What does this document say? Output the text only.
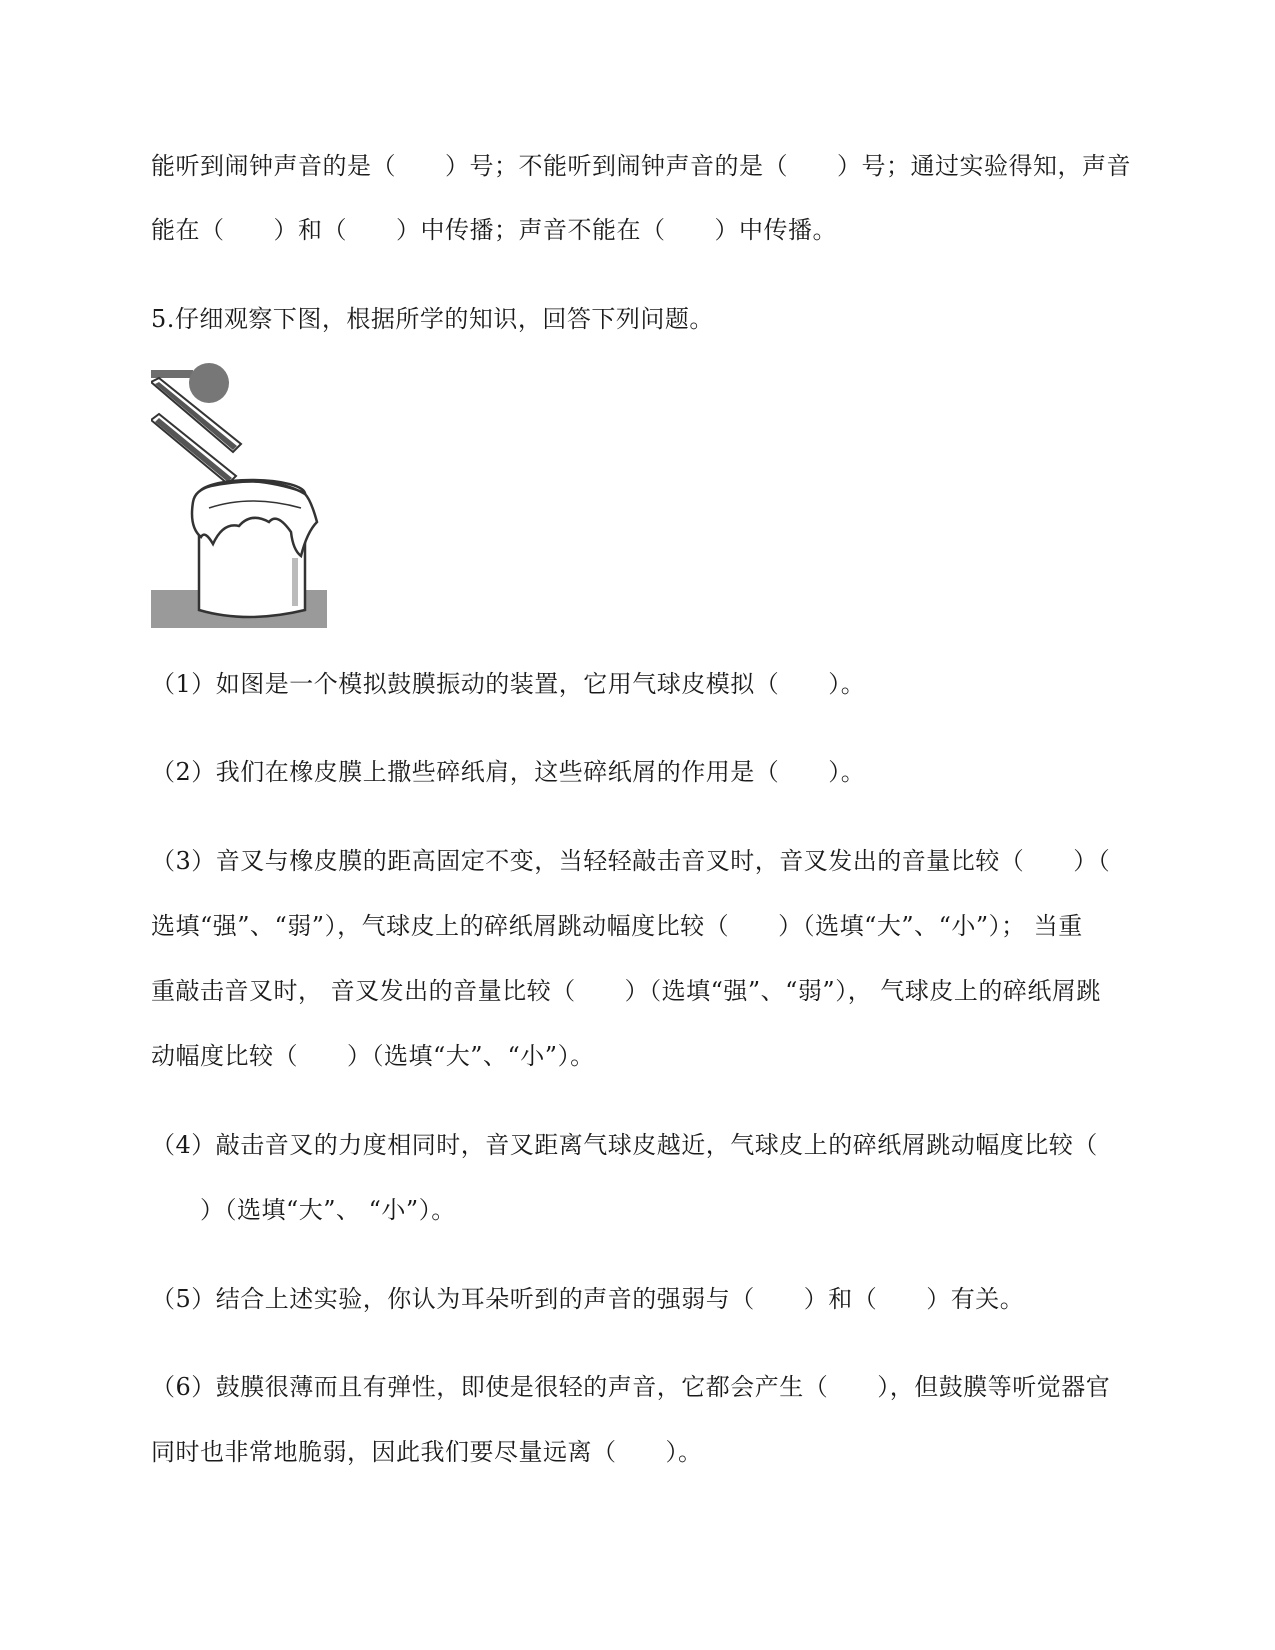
能听到闹钟声音的是（　　）号；不能听到闹钟声音的是（　　）号；通过实验得知，声音
能在（　　）和（　　）中传播；声音不能在（　　）中传播。
5.仔细观察下图，根据所学的知识，回答下列问题。
（1）如图是一个模拟鼓膜振动的装置，它用气球皮模拟（　　）。
（2）我们在橡皮膜上撒些碎纸肩，这些碎纸屑的作用是（　　）。
（3）音叉与橡皮膜的距高固定不变，当轻轻敲击音叉时，音叉发出的音量比较（　　）（
选填“强”、“弱”），气球皮上的碎纸屑跳动幅度比较（　　）（选填“大”、“小”）； 当重
重敲击音叉时， 音叉发出的音量比较（　　）（选填“强”、“弱”）， 气球皮上的碎纸屑跳
动幅度比较（　　）（选填“大”、“小”）。
（4）敲击音叉的力度相同时，音叉距离气球皮越近，气球皮上的碎纸屑跳动幅度比较（
　　）（选填“大”、 “小”）。
（5）结合上述实验，你认为耳朵听到的声音的强弱与（　　）和（　　）有关。
（6）鼓膜很薄而且有弹性，即使是很轻的声音，它都会产生（　　），但鼓膜等听觉器官
同时也非常地脆弱，因此我们要尽量远离（　　）。
